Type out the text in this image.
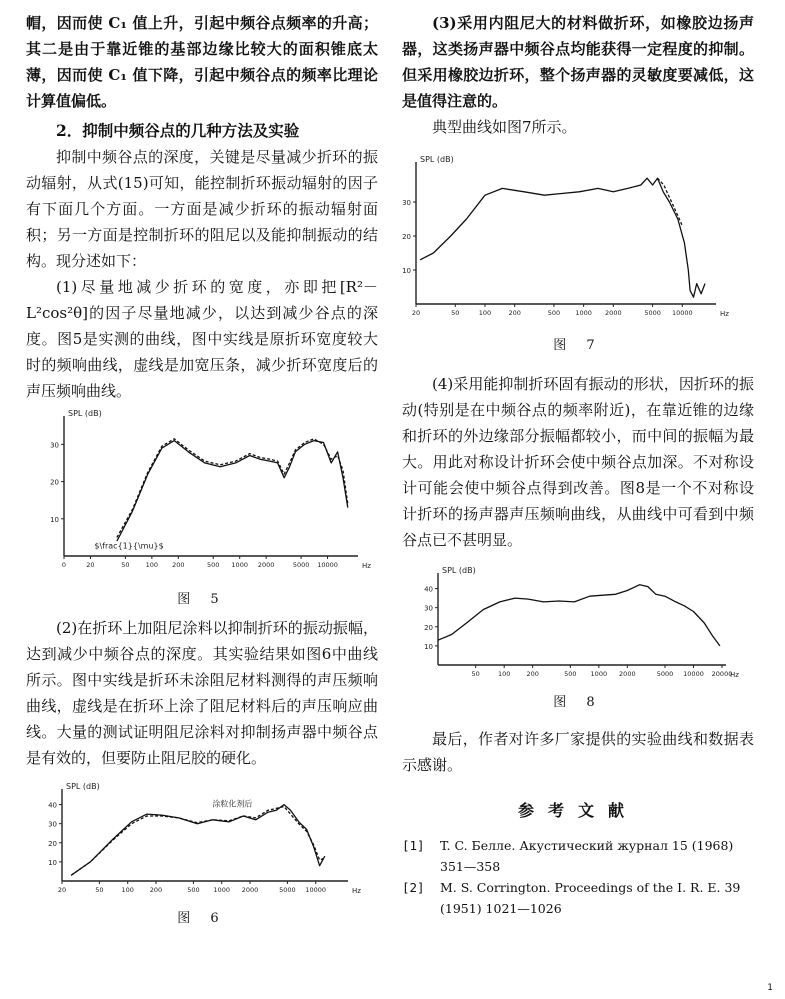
帽，因而使 C₁ 值上升，引起中频谷点频率的升高；其二是由于靠近锥的基部边缘比较大的面积锥底太薄，因而使 C₁ 值下降，引起中频谷点的频率比理论计算值偏低。

2．抑制中频谷点的几种方法及实验

抑制中频谷点的深度，关键是尽量减少折环的振动辐射，从式(15)可知，能控制折环振动辐射的因子有下面几个方面。一方面是减少折环的振动辐射面积；另一方面是控制折环的阻尼以及能抑制振动的结构。现分述如下：

(1)尽量地减少折环的宽度，亦即把[R²－L²cos²θ]的因子尽量地减少，以达到减少谷点的深度。图5是实测的曲线，图中实线是原折环宽度较大时的频响曲线，虚线是加宽压条，减少折环宽度后的声压频响曲线。

SPL (dB)
10
20
30
0	20	50 100 200	500 1000 2000	5000 10000	Hz
$\frac{1}{\mu}$
图 5

(2)在折环上加阻尼涂料以抑制折环的振动振幅，达到减少中频谷点的深度。其实验结果如图6中曲线所示。图中实线是折环未涂阻尼材料测得的声压频响曲线，虚线是在折环上涂了阻尼材料后的声压响应曲线。大量的测试证明阻尼涂料对抑制扬声器中频谷点是有效的，但要防止阻尼胶的硬化。

SPL (dB)
10
20
30
40
20	50	100 200	500 1000 2000	5000 10000	Hz
涂粒化剂后
图 6

(3)采用内阻尼大的材料做折环，如橡胶边扬声器，这类扬声器中频谷点均能获得一定程度的抑制。但采用橡胶边折环，整个扬声器的灵敏度要减低，这是值得注意的。

典型曲线如图7所示。

SPL (dB)
10
20
30
20	50	100	200	500 1000 2000	5000 10000	Hz
图 7

(4)采用能抑制折环固有振动的形状，因折环的振动(特别是在中频谷点的频率附近)，在靠近锥的边缘和折环的外边缘部分振幅都较小，而中间的振幅为最大。用此对称设计折环会使中频谷点加深。不对称设计可能会使中频谷点得到改善。图8是一个不对称设计折环的扬声器声压频响曲线，从曲线中可看到中频谷点已不甚明显。

SPL (dB)
10
20
30
40
50	100 200	500 1000 2000	5000 10000 20000
Hz
图 8

最后，作者对许多厂家提供的实验曲线和数据表示感谢。

参考文献
[1]	T. C. Белле. Акустический журнал 15 (1968) 351—358
[2]	M. S. Corrington. Proceedings of the I. R. E. 39 (1951) 1021—1026
1
